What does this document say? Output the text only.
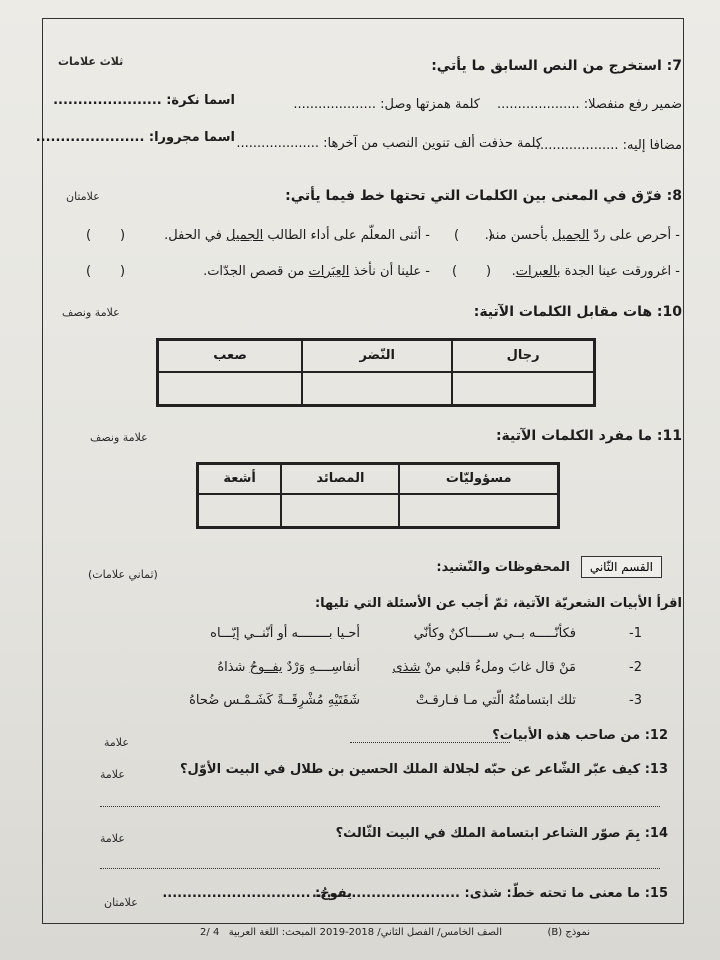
7: استخرج من النص السابق ما يأتي:
ثلاث علامات
ضمير رفع منفصلا: ....................
كلمة همزتها وصل: ....................
اسما نكرة: ......................
مضافا إليه: ....................
كلمة حذفت ألف تنوين النصب من آخرها: ....................
اسما مجرورا: ......................
8: فرّق في المعنى بين الكلمات التي تحتها خط فيما يأتي:
علامتان
- أحرص على ردّ الجميل بأحسن منه.
(       )
- أثنى المعلّم على أداء الطالب الجميل في الحفل.
(       )
- اغرورقت عينا الجدة بالعبرات.
(       )
- علينا أن نأخذ العِبَرات من قصص الجدّات.
(       )
10: هات مقابل الكلمات الآتية:
علامة ونصف
رجال	النّضر	صعب

11: ما مفرد الكلمات الآتية:
علامة ونصف
مسؤوليّات	المصائد	أشعة

القسم الثّاني
المحفوظات والنّشيد:
(ثماني علامات)
اقرأ الأبيات الشعريّة الآتية، ثمّ أجب عن الأسئلة التي تليها:
1-
فكأنّـــــه بــي ســـــاكنٌ وكأنّي
أحـيا بــــــــه أو أنّنــي إيّـــاه
2-
مَنْ قال غابَ وملءُ قلبي منْ شذى
أنفاسِــــهِ وَرْدٌ يفــوحُ شذاهُ
3-
تلك ابتسامتُهُ الّتي مـا فـارقـتْ
شَفَتَيْهِ مُشْرِقَــةً كَشَـمْـس ضُحاهُ
12: من صاحب هذه الأبيات؟
علامة
13: كيف عبّر الشّاعر عن حبّه لجلالة الملك الحسين بن طلال في البيت الأوّل؟
علامة
14: بِمَ صوّر الشاعر ابتسامة الملك في البيت الثّالث؟
علامة
15: ما معنى ما تحته خطّ: شذى: ..............................
يفوحُ: ..............................
علامتان
نموذج (B)
الصف الخامس/ الفصل الثاني/ 2018-2019
المبحث: اللغة العربية
4 /2
